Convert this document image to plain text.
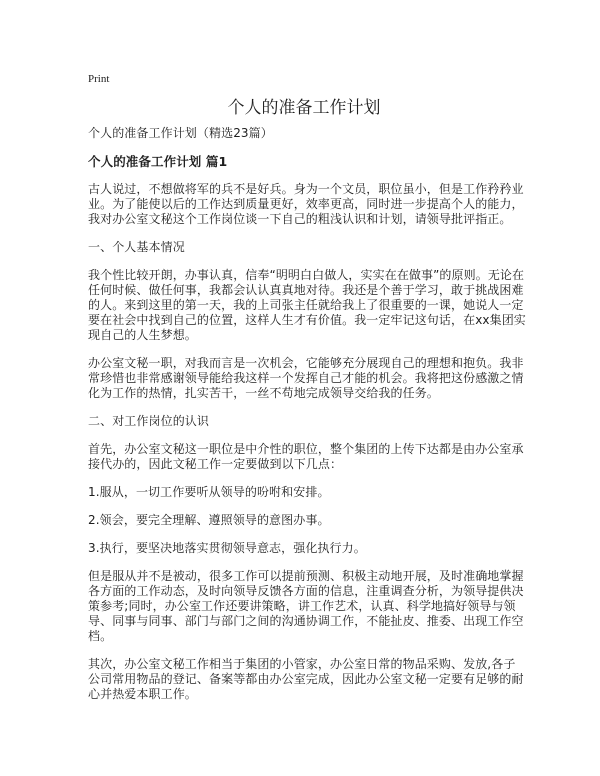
Print
个人的准备工作计划
个人的准备工作计划（精选23篇）
个人的准备工作计划 篇1
古人说过，不想做将军的兵不是好兵。身为一个文员，职位虽小，但是工作矜矜业
业。为了能使以后的工作达到质量更好，效率更高，同时进一步提高个人的能力，
我对办公室文秘这个工作岗位谈一下自己的粗浅认识和计划，请领导批评指正。
一、个人基本情况
我个性比较开朗，办事认真，信奉“明明白白做人，实实在在做事”的原则。无论在
任何时候、做任何事，我都会认认真真地对待。我还是个善于学习，敢于挑战困难
的人。来到这里的第一天，我的上司张主任就给我上了很重要的一课，她说人一定
要在社会中找到自己的位置，这样人生才有价值。我一定牢记这句话，在xx集团实
现自己的人生梦想。
办公室文秘一职，对我而言是一次机会，它能够充分展现自己的理想和抱负。我非
常珍惜也非常感谢领导能给我这样一个发挥自己才能的机会。我将把这份感激之情
化为工作的热情，扎实苦干，一丝不苟地完成领导交给我的任务。
二、对工作岗位的认识
首先，办公室文秘这一职位是中介性的职位，整个集团的上传下达都是由办公室承
接代办的，因此文秘工作一定要做到以下几点：
1.服从，一切工作要听从领导的吩咐和安排。
2.领会，要完全理解、遵照领导的意图办事。
3.执行，要坚决地落实贯彻领导意志，强化执行力。
但是服从并不是被动，很多工作可以提前预测、积极主动地开展，及时准确地掌握
各方面的工作动态，及时向领导反馈各方面的信息，注重调查分析，为领导提供决
策参考;同时，办公室工作还要讲策略，讲工作艺术，认真、科学地搞好领导与领
导、同事与同事、部门与部门之间的沟通协调工作，不能扯皮、推委、出现工作空
档。
其次，办公室文秘工作相当于集团的小管家，办公室日常的物品采购、发放,各子
公司常用物品的登记、备案等都由办公室完成，因此办公室文秘一定要有足够的耐
心并热爱本职工作。
